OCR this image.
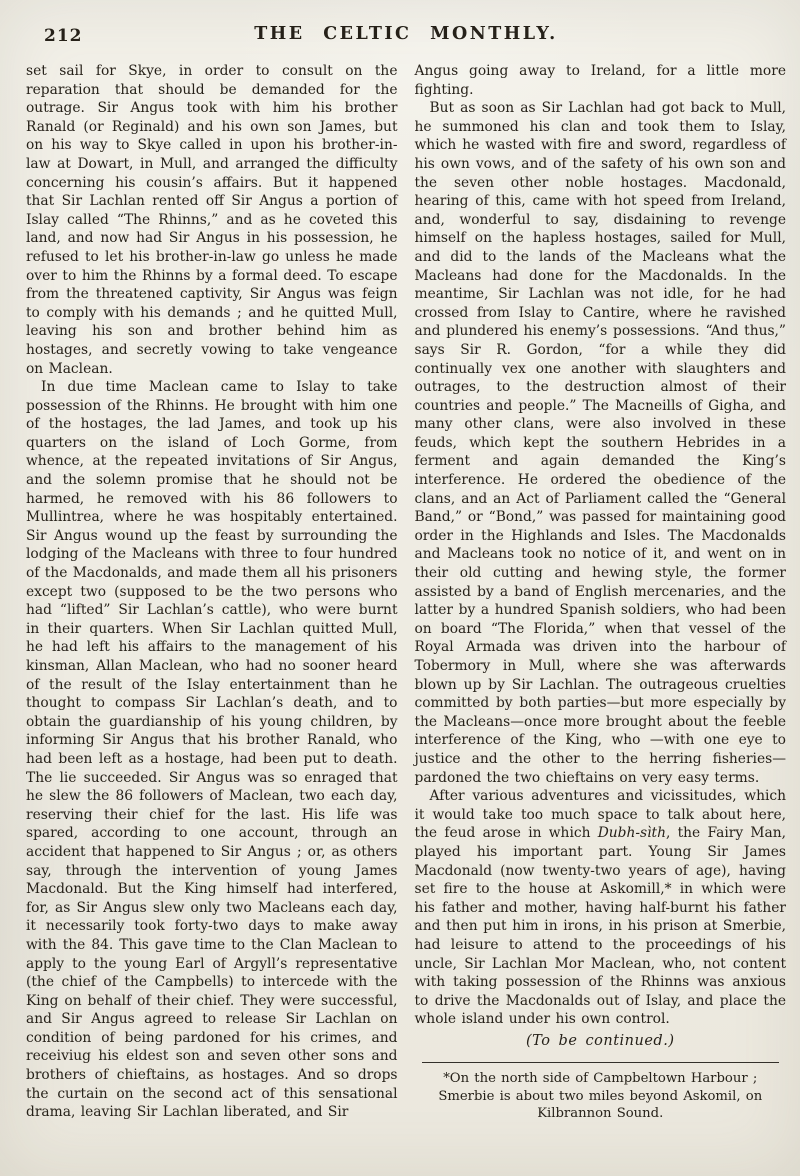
212	THE CELTIC MONTHLY.

set sail for Skye, in order to consult on the reparation that should be demanded for the outrage. Sir Angus took with him his brother Ranald (or Reginald) and his own son James, but on his way to Skye called in upon his brother-in-law at Dowart, in Mull, and arranged the difficulty concerning his cousin’s affairs. But it happened that Sir Lachlan rented off Sir Angus a portion of Islay called “The Rhinns,” and as he coveted this land, and now had Sir Angus in his possession, he refused to let his brother-in-law go unless he made over to him the Rhinns by a formal deed. To escape from the threatened captivity, Sir Angus was feign to comply with his demands ; and he quitted Mull, leaving his son and brother behind him as hostages, and secretly vowing to take vengeance on Maclean.

In due time Maclean came to Islay to take possession of the Rhinns. He brought with him one of the hostages, the lad James, and took up his quarters on the island of Loch Gorme, from whence, at the repeated invitations of Sir Angus, and the solemn promise that he should not be harmed, he removed with his 86 followers to Mullintrea, where he was hospitably entertained. Sir Angus wound up the feast by surrounding the lodging of the Macleans with three to four hundred of the Macdonalds, and made them all his prisoners except two (supposed to be the two persons who had “lifted” Sir Lachlan’s cattle), who were burnt in their quarters. When Sir Lachlan quitted Mull, he had left his affairs to the management of his kinsman, Allan Maclean, who had no sooner heard of the result of the Islay entertainment than he thought to compass Sir Lachlan’s death, and to obtain the guardianship of his young children, by informing Sir Angus that his brother Ranald, who had been left as a hostage, had been put to death. The lie succeeded. Sir Angus was so enraged that he slew the 86 followers of Maclean, two each day, reserving their chief for the last. His life was spared, according to one account, through an accident that happened to Sir Angus ; or, as others say, through the intervention of young James Macdonald. But the King himself had interfered, for, as Sir Angus slew only two Macleans each day, it necessarily took forty-two days to make away with the 84. This gave time to the Clan Maclean to apply to the young Earl of Argyll’s representative (the chief of the Campbells) to intercede with the King on behalf of their chief. They were successful, and Sir Angus agreed to release Sir Lachlan on condition of being pardoned for his crimes, and receiviug his eldest son and seven other sons and brothers of chieftains, as hostages. And so drops the curtain on the second act of this sensational drama, leaving Sir Lachlan liberated, and Sir

Angus going away to Ireland, for a little more fighting.

But as soon as Sir Lachlan had got back to Mull, he summoned his clan and took them to Islay, which he wasted with fire and sword, regardless of his own vows, and of the safety of his own son and the seven other noble hostages. Macdonald, hearing of this, came with hot speed from Ireland, and, wonderful to say, disdaining to revenge himself on the hapless hostages, sailed for Mull, and did to the lands of the Macleans what the Macleans had done for the Macdonalds. In the meantime, Sir Lachlan was not idle, for he had crossed from Islay to Cantire, where he ravished and plundered his enemy’s possessions. “And thus,” says Sir R. Gordon, “for a while they did continually vex one another with slaughters and outrages, to the destruction almost of their countries and people.” The Macneills of Gigha, and many other clans, were also involved in these feuds, which kept the southern Hebrides in a ferment and again demanded the King’s interference. He ordered the obedience of the clans, and an Act of Parliament called the “General Band,” or “Bond,” was passed for maintaining good order in the Highlands and Isles. The Macdonalds and Macleans took no notice of it, and went on in their old cutting and hewing style, the former assisted by a band of English mercenaries, and the latter by a hundred Spanish soldiers, who had been on board “The Florida,” when that vessel of the Royal Armada was driven into the harbour of Tobermory in Mull, where she was afterwards blown up by Sir Lachlan. The outrageous cruelties committed by both parties—but more especially by the Macleans—once more brought about the feeble interference of the King, who —with one eye to justice and the other to the herring fisheries—pardoned the two chieftains on very easy terms.

After various adventures and vicissitudes, which it would take too much space to talk about here, the feud arose in which Dubh-sìth, the Fairy Man, played his important part. Young Sir James Macdonald (now twenty-two years of age), having set fire to the house at Askomill,* in which were his father and mother, having half-burnt his father and then put him in irons, in his prison at Smerbie, had leisure to attend to the proceedings of his uncle, Sir Lachlan Mor Maclean, who, not content with taking possession of the Rhinns was anxious to drive the Macdonalds out of Islay, and place the whole island under his own control.

(To be continued.)

*On the north side of Campbeltown Harbour ; Smerbie is about two miles beyond Askomil, on Kilbrannon Sound.
